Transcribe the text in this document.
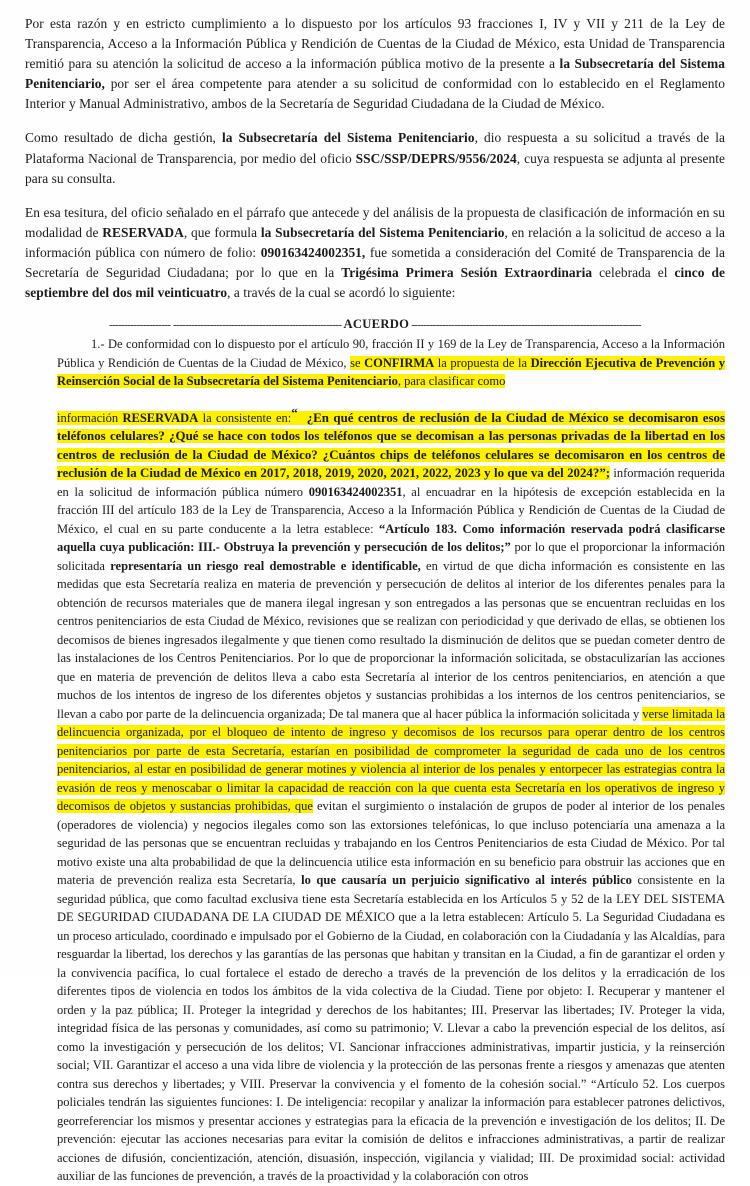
Por esta razón y en estricto cumplimiento a lo dispuesto por los artículos 93 fracciones I, IV y VII y 211 de la Ley de Transparencia, Acceso a la Información Pública y Rendición de Cuentas de la Ciudad de México, esta Unidad de Transparencia remitió para su atención la solicitud de acceso a la información pública motivo de la presente a la Subsecretaría del Sistema Penitenciario, por ser el área competente para atender a su solicitud de conformidad con lo establecido en el Reglamento Interior y Manual Administrativo, ambos de la Secretaría de Seguridad Ciudadana de la Ciudad de México.

Como resultado de dicha gestión, la Subsecretaría del Sistema Penitenciario, dio respuesta a su solicitud a través de la Plataforma Nacional de Transparencia, por medio del oficio SSC/SSP/DEPRS/9556/2024, cuya respuesta se adjunta al presente para su consulta.

En esa tesitura, del oficio señalado en el párrafo que antecede y del análisis de la propuesta de clasificación de información en su modalidad de RESERVADA, que formula la Subsecretaría del Sistema Penitenciario, en relación a la solicitud de acceso a la información pública con número de folio: 090163424002351, fue sometida a consideración del Comité de Transparencia de la Secretaría de Seguridad Ciudadana; por lo que en la Trigésima Primera Sesión Extraordinaria celebrada el cinco de septiembre del dos mil veinticuatro, a través de la cual se acordó lo siguiente:

-------------------- ------------------------------------------------------- ACUERDO ---------------------------------------------------------------------------

1.- De conformidad con lo dispuesto por el artículo 90, fracción II y 169 de la Ley de Transparencia, Acceso a la Información Pública y Rendición de Cuentas de la Ciudad de México, se CONFIRMA la propuesta de la Dirección Ejecutiva de Prevención y Reinserción Social de la Subsecretaría del Sistema Penitenciario, para clasificar como

información RESERVADA la consistente en:“ ¿En qué centros de reclusión de la Ciudad de México se decomisaron esos teléfonos celulares? ¿Qué se hace con todos los teléfonos que se decomisan a las personas privadas de la libertad en los centros de reclusión de la Ciudad de México? ¿Cuántos chips de teléfonos celulares se decomisaron en los centros de reclusión de la Ciudad de México en 2017, 2018, 2019, 2020, 2021, 2022, 2023 y lo que va del 2024?”; información requerida en la solicitud de información pública número 090163424002351, al encuadrar en la hipótesis de excepción establecida en la fracción III del artículo 183 de la Ley de Transparencia, Acceso a la Información Pública y Rendición de Cuentas de la Ciudad de México, el cual en su parte conducente a la letra establece: “Artículo 183. Como información reservada podrá clasificarse aquella cuya publicación: III.- Obstruya la prevención y persecución de los delitos;” por lo que el proporcionar la información solicitada representaría un riesgo real demostrable e identificable, en virtud de que dicha información es consistente en las medidas que esta Secretaría realiza en materia de prevención y persecución de delitos al interior de los diferentes penales para la obtención de recursos materiales que de manera ilegal ingresan y son entregados a las personas que se encuentran recluidas en los centros penitenciarios de esta Ciudad de México, revisiones que se realizan con periodicidad y que derivado de ellas, se obtienen los decomisos de bienes ingresados ilegalmente y que tienen como resultado la disminución de delitos que se puedan cometer dentro de las instalaciones de los Centros Penitenciarios. Por lo que de proporcionar la información solicitada, se obstaculizarían las acciones que en materia de prevención de delitos lleva a cabo esta Secretaría al interior de los centros penitenciarios, en atención a que muchos de los intentos de ingreso de los diferentes objetos y sustancias prohibidas a los internos de los centros penitenciarios, se llevan a cabo por parte de la delincuencia organizada; De tal manera que al hacer pública la información solicitada y verse limitada la delincuencia organizada, por el bloqueo de intento de ingreso y decomisos de los recursos para operar dentro de los centros penitenciarios por parte de esta Secretaría, estarían en posibilidad de comprometer la seguridad de cada uno de los centros penitenciarios, al estar en posibilidad de generar motines y violencia al interior de los penales y entorpecer las estrategias contra la evasión de reos y menoscabar o limitar la capacidad de reacción con la que cuenta esta Secretaría en los operativos de ingreso y decomisos de objetos y sustancias prohibidas, que evitan el surgimiento o instalación de grupos de poder al interior de los penales (operadores de violencia) y negocios ilegales como son las extorsiones telefónicas, lo que incluso potenciaría una amenaza a la seguridad de las personas que se encuentran recluidas y trabajando en los Centros Penitenciarios de esta Ciudad de México. Por tal motivo existe una alta probabilidad de que la delincuencia utilice esta información en su beneficio para obstruir las acciones que en materia de prevención realiza esta Secretaría, lo que causaría un perjuicio significativo al interés público consistente en la seguridad pública, que como facultad exclusiva tiene esta Secretaría establecida en los Artículos 5 y 52 de la LEY DEL SISTEMA DE SEGURIDAD CIUDADANA DE LA CIUDAD DE MÉXICO que a la letra establecen: Artículo 5. La Seguridad Ciudadana es un proceso articulado, coordinado e impulsado por el Gobierno de la Ciudad, en colaboración con la Ciudadanía y las Alcaldías, para resguardar la libertad, los derechos y las garantías de las personas que habitan y transitan en la Ciudad, a fin de garantizar el orden y la convivencia pacífica, lo cual fortalece el estado de derecho a través de la prevención de los delitos y la erradicación de los diferentes tipos de violencia en todos los ámbitos de la vida colectiva de la Ciudad. Tiene por objeto: I. Recuperar y mantener el orden y la paz pública; II. Proteger la integridad y derechos de los habitantes; III. Preservar las libertades; IV. Proteger la vida, integridad física de las personas y comunidades, así como su patrimonio; V. Llevar a cabo la prevención especial de los delitos, así como la investigación y persecución de los delitos; VI. Sancionar infracciones administrativas, impartir justicia, y la reinserción social; VII. Garantizar el acceso a una vida libre de violencia y la protección de las personas frente a riesgos y amenazas que atenten contra sus derechos y libertades; y VIII. Preservar la convivencia y el fomento de la cohesión social.” “Artículo 52. Los cuerpos policiales tendrán las siguientes funciones: I. De inteligencia: recopilar y analizar la información para establecer patrones delictivos, georreferenciar los mismos y presentar acciones y estrategias para la eficacia de la prevención e investigación de los delitos; II. De prevención: ejecutar las acciones necesarias para evitar la comisión de delitos e infracciones administrativas, a partir de realizar acciones de difusión, concientización, atención, disuasión, inspección, vigilancia y vialidad; III. De proximidad social: actividad auxiliar de las funciones de prevención, a través de la proactividad y la colaboración con otros
